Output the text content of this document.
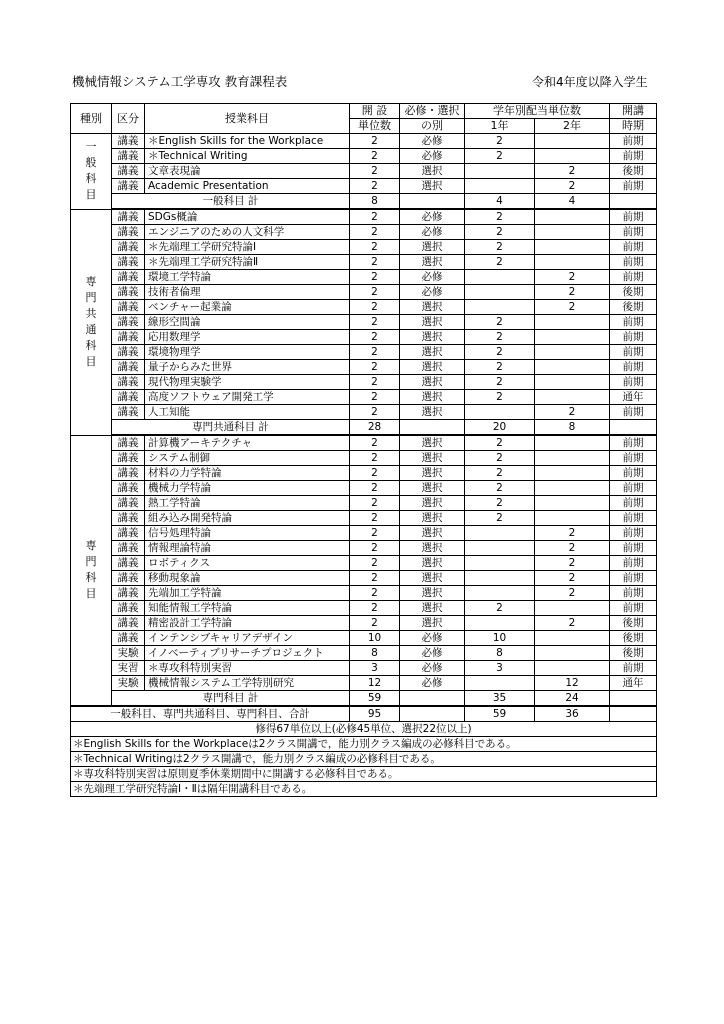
機械情報システム工学専攻 教育課程表	令和4年度以降入学生
種別	区分	授業科目	開 設	必修・選択	学年別配当単位数		開講
			単位数	の別	1年	2年	時期
一般科目	講義	＊English Skills for the Workplace	2	必修	2		前期
	講義	＊Technical Writing	2	必修	2		前期
	講義	文章表現論	2	選択		2	後期
	講義	Academic Presentation	2	選択		2	前期
	一般科目 計		8		4	4	
専門共通科目	講義	SDGs概論	2	必修	2		前期
	講義	エンジニアのための人文科学	2	必修	2		前期
	講義	＊先端理工学研究特論Ⅰ	2	選択	2		前期
	講義	＊先端理工学研究特論Ⅱ	2	選択	2		前期
	講義	環境工学特論	2	必修		2	前期
	講義	技術者倫理	2	必修		2	後期
	講義	ベンチャー起業論	2	選択		2	後期
	講義	線形空間論	2	選択	2		前期
	講義	応用数理学	2	選択	2		前期
	講義	環境物理学	2	選択	2		前期
	講義	量子からみた世界	2	選択	2		前期
	講義	現代物理実験学	2	選択	2		前期
	講義	高度ソフトウェア開発工学	2	選択	2		通年
	講義	人工知能	2	選択		2	前期
	専門共通科目 計		28		20	8	
専門科目	講義	計算機アーキテクチャ	2	選択	2		前期
	講義	システム制御	2	選択	2		前期
	講義	材料の力学特論	2	選択	2		前期
	講義	機械力学特論	2	選択	2		前期
	講義	熱工学特論	2	選択	2		前期
	講義	組み込み開発特論	2	選択	2		前期
	講義	信号処理特論	2	選択		2	前期
	講義	情報理論特論	2	選択		2	前期
	講義	ロボティクス	2	選択		2	前期
	講義	移動現象論	2	選択		2	前期
	講義	先端加工学特論	2	選択		2	前期
	講義	知能情報工学特論	2	選択	2		前期
	講義	精密設計工学特論	2	選択		2	後期
	講義	インテンシブキャリアデザイン	10	必修	10		後期
	実験	イノベーティブリサーチプロジェクト	8	必修	8		後期
	実習	＊専攻科特別実習	3	必修	3		前期
	実験	機械情報システム工学特別研究	12	必修		12	通年
	専門科目 計		59		35	24	
一般科目、専門共通科目、専門科目、合計			95		59	36	
修得67単位以上(必修45単位、選択22位以上)							
＊English Skills for the Workplaceは2クラス開講で，能力別クラス編成の必修科目である。							
＊Technical Writingは2クラス開講で，能力別クラス編成の必修科目である。							
＊専攻科特別実習は原則夏季休業期間中に開講する必修科目である。							
＊先端理工学研究特論Ⅰ・Ⅱは隔年開講科目である。							
